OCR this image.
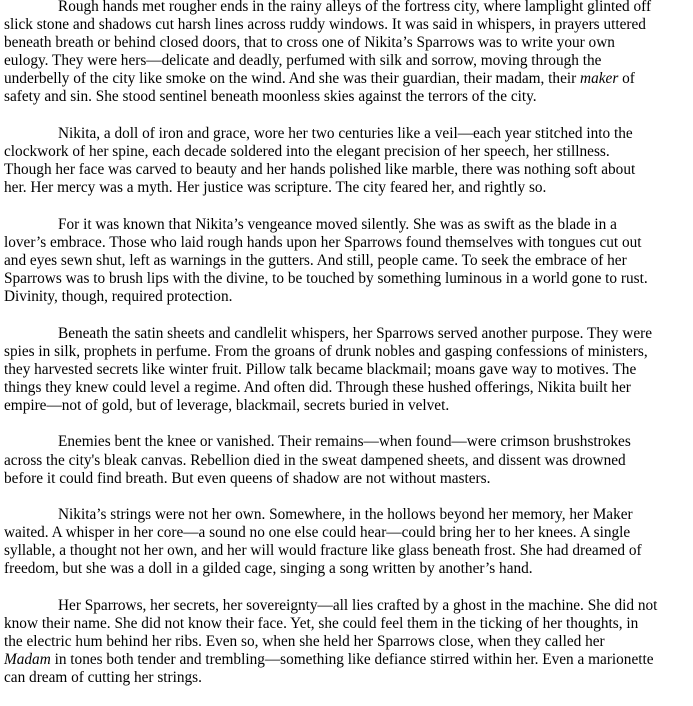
Rough hands met rougher ends in the rainy alleys of the fortress city, where lamplight glinted off
slick stone and shadows cut harsh lines across ruddy windows. It was said in whispers, in prayers uttered
beneath breath or behind closed doors, that to cross one of Nikita’s Sparrows was to write your own
eulogy. They were hers—delicate and deadly, perfumed with silk and sorrow, moving through the
underbelly of the city like smoke on the wind. And she was their guardian, their madam, their maker of
safety and sin. She stood sentinel beneath moonless skies against the terrors of the city.
Nikita, a doll of iron and grace, wore her two centuries like a veil—each year stitched into the
clockwork of her spine, each decade soldered into the elegant precision of her speech, her stillness.
Though her face was carved to beauty and her hands polished like marble, there was nothing soft about
her. Her mercy was a myth. Her justice was scripture. The city feared her, and rightly so.
For it was known that Nikita’s vengeance moved silently. She was as swift as the blade in a
lover’s embrace. Those who laid rough hands upon her Sparrows found themselves with tongues cut out
and eyes sewn shut, left as warnings in the gutters. And still, people came. To seek the embrace of her
Sparrows was to brush lips with the divine, to be touched by something luminous in a world gone to rust.
Divinity, though, required protection.
Beneath the satin sheets and candlelit whispers, her Sparrows served another purpose. They were
spies in silk, prophets in perfume. From the groans of drunk nobles and gasping confessions of ministers,
they harvested secrets like winter fruit. Pillow talk became blackmail; moans gave way to motives. The
things they knew could level a regime. And often did. Through these hushed offerings, Nikita built her
empire—not of gold, but of leverage, blackmail, secrets buried in velvet.
Enemies bent the knee or vanished. Their remains—when found—were crimson brushstrokes
across the city's bleak canvas. Rebellion died in the sweat dampened sheets, and dissent was drowned
before it could find breath. But even queens of shadow are not without masters.
Nikita’s strings were not her own. Somewhere, in the hollows beyond her memory, her Maker
waited. A whisper in her core—a sound no one else could hear—could bring her to her knees. A single
syllable, a thought not her own, and her will would fracture like glass beneath frost. She had dreamed of
freedom, but she was a doll in a gilded cage, singing a song written by another’s hand.
Her Sparrows, her secrets, her sovereignty—all lies crafted by a ghost in the machine. She did not
know their name. She did not know their face. Yet, she could feel them in the ticking of her thoughts, in
the electric hum behind her ribs. Even so, when she held her Sparrows close, when they called her
Madam in tones both tender and trembling—something like defiance stirred within her. Even a marionette
can dream of cutting her strings.
